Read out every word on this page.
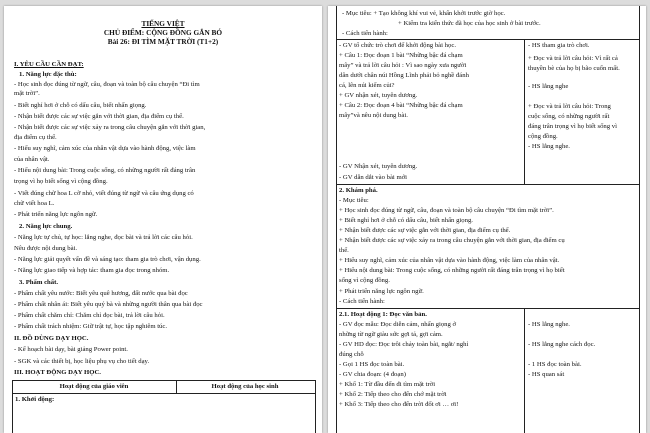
TIẾNG VIỆT
CHỦ ĐIỂM: CỘNG ĐỒNG GẮN BÓ
Bài 26: ĐI TÌM MẶT TRỜI (T1+2)
I. YÊU CẦU CẦN ĐẠT:
1. Năng lực đặc thù:
- Học sinh đọc đúng từ ngữ, câu, đoạn và toàn bộ câu chuyện “Đi tìm
mặt trời”.
- Biết nghỉ hơi ở chỗ có dấu câu, biết nhấn giọng.
- Nhận biết được các sự việc gắn với thời gian, địa điểm cụ thể.
- Nhận biết được các sự việc xảy ra trong câu chuyện gắn với thời gian,
địa điểm cụ thể.
- Hiểu suy nghĩ, cảm xúc của nhân vật dựa vào hành động, việc làm
của nhân vật.
- Hiểu nội dung bài: Trong cuộc sống, có những người rất đáng trân
trọng vì họ biết sống vì cộng đồng.
- Viết đúng chữ hoa L cỡ nhỏ, viết đúng từ ngữ và câu ứng dụng có
chữ viết hoa L.
- Phát triển năng lực ngôn ngữ.
2. Năng lực chung.
- Năng lực tự chủ, tự học: lắng nghe, đọc bài và trả lời các câu hỏi.
Nêu được nội dung bài.
- Năng lực giải quyết vấn đề và sáng tạo: tham gia trò chơi, vận dụng.
- Năng lực giao tiếp và hợp tác: tham gia đọc trong nhóm.
3. Phẩm chất.
- Phẩm chất yêu nước: Biết yêu quê hương, đất nước qua bài đọc
- Phẩm chất nhân ái: Biết yêu quý bà và những người thân qua bài đọc
- Phẩm chất chăm chỉ: Chăm chỉ đọc bài, trả lời câu hỏi.
- Phẩm chất trách nhiệm: Giữ trật tự, học tập nghiêm túc.
II. ĐỒ DÙNG DẠY HỌC.
- Kế hoạch bài dạy, bài giảng Power point.
- SGK và các thiết bị, học liệu phụ vụ cho tiết dạy.
III. HOẠT ĐỘNG DẠY HỌC.
Hoạt động của giáo viên	Hoạt động của học sinh
1. Khởi động:
- Mục tiêu: + Tạo không khí vui vẻ, khấn khởi trước giờ học.
+ Kiểm tra kiến thức đã học của học sinh ở bài trước.
- Cách tiến hành:
- GV tổ chức trò chơi để khởi động bài học.
+ Câu 1: Đọc đoạn 1 bài “Những bậc đá chạm
mây” và trả lời câu hỏi : Vì sao ngày xưa người
dân dưới chân núi Hồng Lĩnh phải bỏ nghề đánh
cá, lên núi kiếm củi?
+ GV nhận xét, tuyên dương.
+ Câu 2: Đọc đoạn 4 bài “Những bậc đá chạm
mây”và nêu nội dung bài.
- GV Nhận xét, tuyên dương.
- GV dẫn dắt vào bài mới
- HS tham gia trò chơi.
+ Đọc và trả lời câu hỏi: Vì rất cả
thuyền bè của họ bị bão cuốn mất.
- HS lắng nghe
+ Đọc và trả lời câu hỏi: Trong
cuộc sống, có những người rất
đáng trân trọng vì họ biết sống vì
cộng đồng.
- HS lắng nghe.
2. Khám phá.
- Mục tiêu:
+ Học sinh đọc đúng từ ngữ, câu, đoạn và toàn bộ câu chuyện “Đi tìm mặt trời”.
+ Biết nghỉ hơi ở chỗ có dấu câu, biết nhấn giọng.
+ Nhận biết được các sự việc gắn với thời gian, địa điểm cụ thể.
+ Nhận biết được các sự việc xảy ra trong câu chuyện gắn với thời gian, địa điểm cụ
thể.
+ Hiểu suy nghĩ, cảm xúc của nhân vật dựa vào hành động, việc làm của nhân vật.
+ Hiểu nội dung bài: Trong cuộc sống, có những người rất đáng trân trọng vì họ biết
sống vì cộng đồng.
+ Phát triển năng lực ngôn ngữ.
- Cách tiến hành:
2.1. Hoạt động 1: Đọc văn bản.
- GV đọc mẫu: Đọc diễn cảm, nhấn giọng ở
những từ ngữ giàu sức gợi tả, gợi cảm.
- GV HD đọc: Đọc trôi chảy toàn bài, ngắt/ nghỉ
đúng chỗ
- Gọi 1 HS đọc toàn bài.
- GV chia đoạn: (4 đoạn)
+ Khổ 1: Từ đầu đến đi tìm mặt trời
+ Khổ 2: Tiếp theo cho đến chớ mặt trời
+ Khổ 3: Tiếp theo cho đến trời đốt ơi … ơi!
- HS lắng nghe.
- HS lắng nghe cách đọc.
- 1 HS đọc toàn bài.
- HS quan sát
